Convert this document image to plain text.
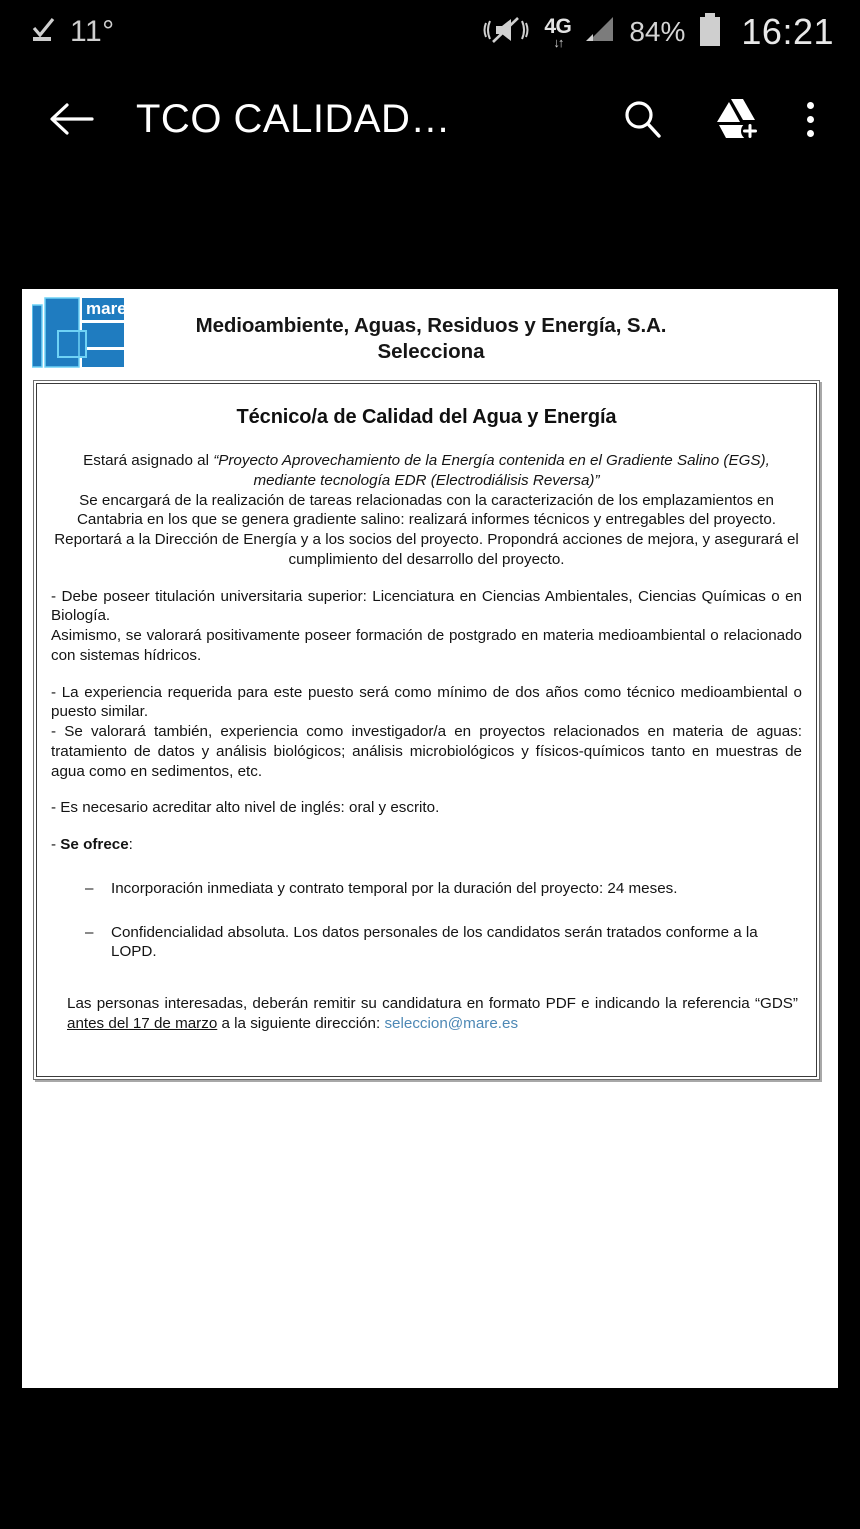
11°	4G
↓↑ 84% 16:21
TCO CALIDAD…
mare
Medioambiente, Aguas, Residuos y Energía, S.A.
Selecciona
Técnico/a de Calidad del Agua y Energía
Estará asignado al “Proyecto Aprovechamiento de la Energía contenida en el Gradiente Salino (EGS), mediante tecnología EDR (Electrodiálisis Reversa)”
Se encargará de la realización de tareas relacionadas con la caracterización de los emplazamientos en Cantabria en los que se genera gradiente salino: realizará informes técnicos y entregables del proyecto. Reportará a la Dirección de Energía y a los socios del proyecto. Propondrá acciones de mejora, y asegurará el cumplimiento del desarrollo del proyecto.
- Debe poseer titulación universitaria superior: Licenciatura en Ciencias Ambientales, Ciencias Químicas o en Biología.
Asimismo, se valorará positivamente poseer formación de postgrado en materia medioambiental o relacionado con sistemas hídricos.
- La experiencia requerida para este puesto será como mínimo de dos años como técnico medioambiental o puesto similar.
- Se valorará también, experiencia como investigador/a en proyectos relacionados en materia de aguas: tratamiento de datos y análisis biológicos; análisis microbiológicos y físicos-químicos tanto en muestras de agua como en sedimentos, etc.
- Es necesario acreditar alto nivel de inglés: oral y escrito.
- Se ofrece:
– Incorporación inmediata y contrato temporal por la duración del proyecto: 24 meses.
– Confidencialidad absoluta. Los datos personales de los candidatos serán tratados conforme a la LOPD.
Las personas interesadas, deberán remitir su candidatura en formato PDF e indicando la referencia “GDS” antes del 17 de marzo a la siguiente dirección: seleccion@mare.es
